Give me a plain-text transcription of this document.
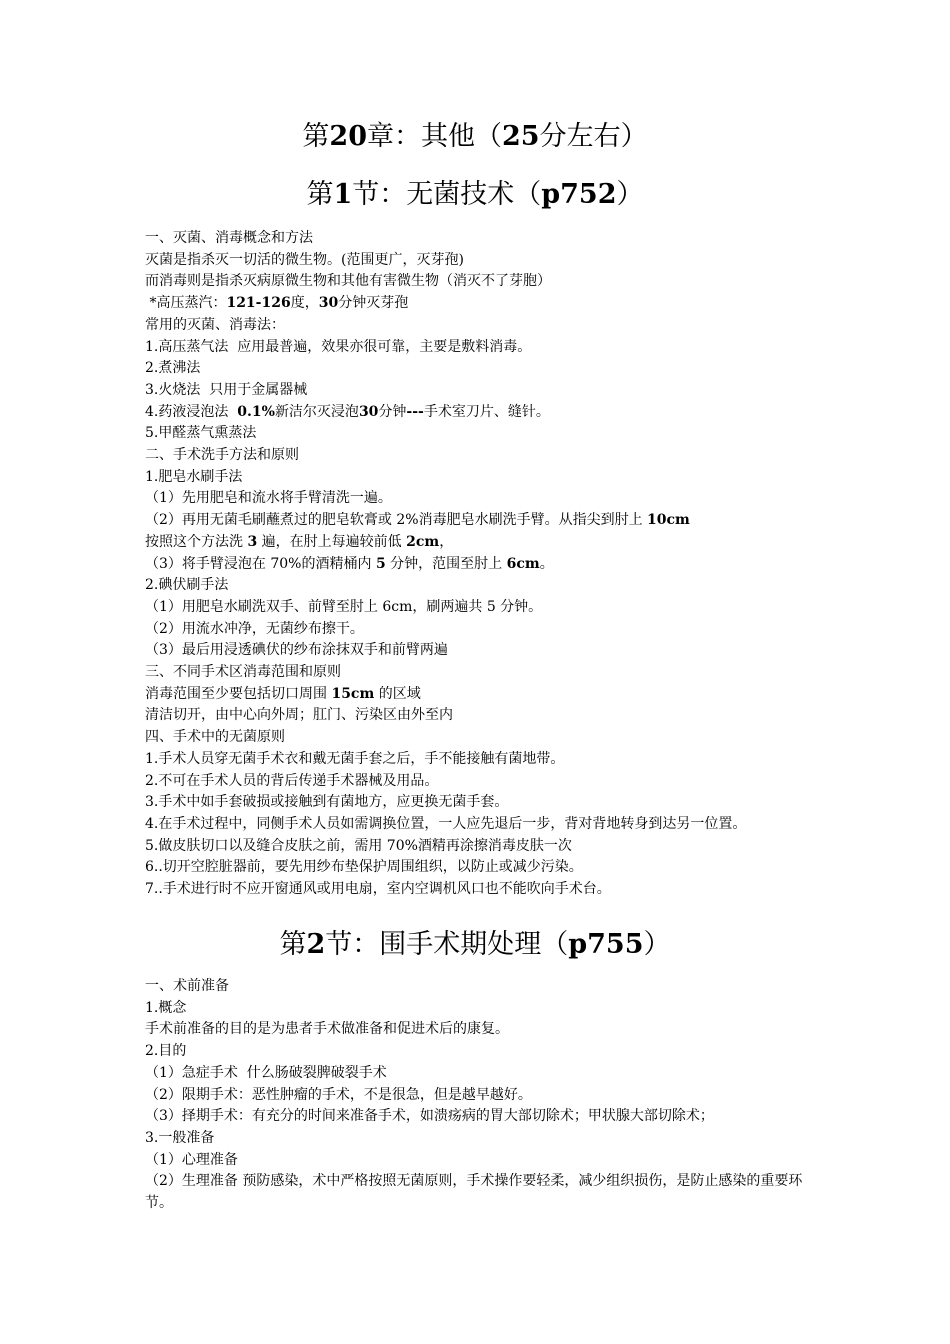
第20章：其他（25分左右）
第1节：无菌技术（p752）

一、灭菌、消毒概念和方法

灭菌是指杀灭一切活的微生物。(范围更广，灭芽孢)

而消毒则是指杀灭病原微生物和其他有害微生物（消灭不了芽胞）

*高压蒸汽：121-126度，30分钟灭芽孢

常用的灭菌、消毒法：

1.高压蒸气法  应用最普遍，效果亦很可靠，主要是敷料消毒。

2.煮沸法

3.火烧法  只用于金属器械

4.药液浸泡法  0.1%新洁尔灭浸泡30分钟---手术室刀片、缝针。

5.甲醛蒸气熏蒸法

二、手术洗手方法和原则

1.肥皂水刷手法

（1）先用肥皂和流水将手臂清洗一遍。

（2）再用无菌毛刷蘸煮过的肥皂软膏或 2%消毒肥皂水刷洗手臂。从指尖到肘上 10cm

按照这个方法洗 3 遍，在肘上每遍较前低 2cm，

（3）将手臂浸泡在 70%的酒精桶内 5 分钟，范围至肘上 6cm。

2.碘伏刷手法

（1）用肥皂水刷洗双手、前臂至肘上 6cm，刷两遍共 5 分钟。

（2）用流水冲净，无菌纱布擦干。

（3）最后用浸透碘伏的纱布涂抹双手和前臂两遍

三、不同手术区消毒范围和原则

消毒范围至少要包括切口周围 15cm 的区域

清洁切开，由中心向外周；肛门、污染区由外至内

四、手术中的无菌原则

1.手术人员穿无菌手术衣和戴无菌手套之后，手不能接触有菌地带。

2.不可在手术人员的背后传递手术器械及用品。

3.手术中如手套破损或接触到有菌地方，应更换无菌手套。

4.在手术过程中，同侧手术人员如需调换位置，一人应先退后一步，背对背地转身到达另一位置。

5.做皮肤切口以及缝合皮肤之前，需用 70%酒精再涂擦消毒皮肤一次

6..切开空腔脏器前，要先用纱布垫保护周围组织，以防止或减少污染。

7..手术进行时不应开窗通风或用电扇，室内空调机风口也不能吹向手术台。

第2节：围手术期处理（p755）

一、术前准备

1.概念

手术前准备的目的是为患者手术做准备和促进术后的康复。

2.目的

（1）急症手术  什么肠破裂脾破裂手术

（2）限期手术：恶性肿瘤的手术，不是很急，但是越早越好。

（3）择期手术：有充分的时间来准备手术，如溃疡病的胃大部切除术；甲状腺大部切除术；

3.一般准备

（1）心理准备

（2）生理准备 预防感染，术中严格按照无菌原则，手术操作要轻柔，减少组织损伤，是防止感染的重要环节。
